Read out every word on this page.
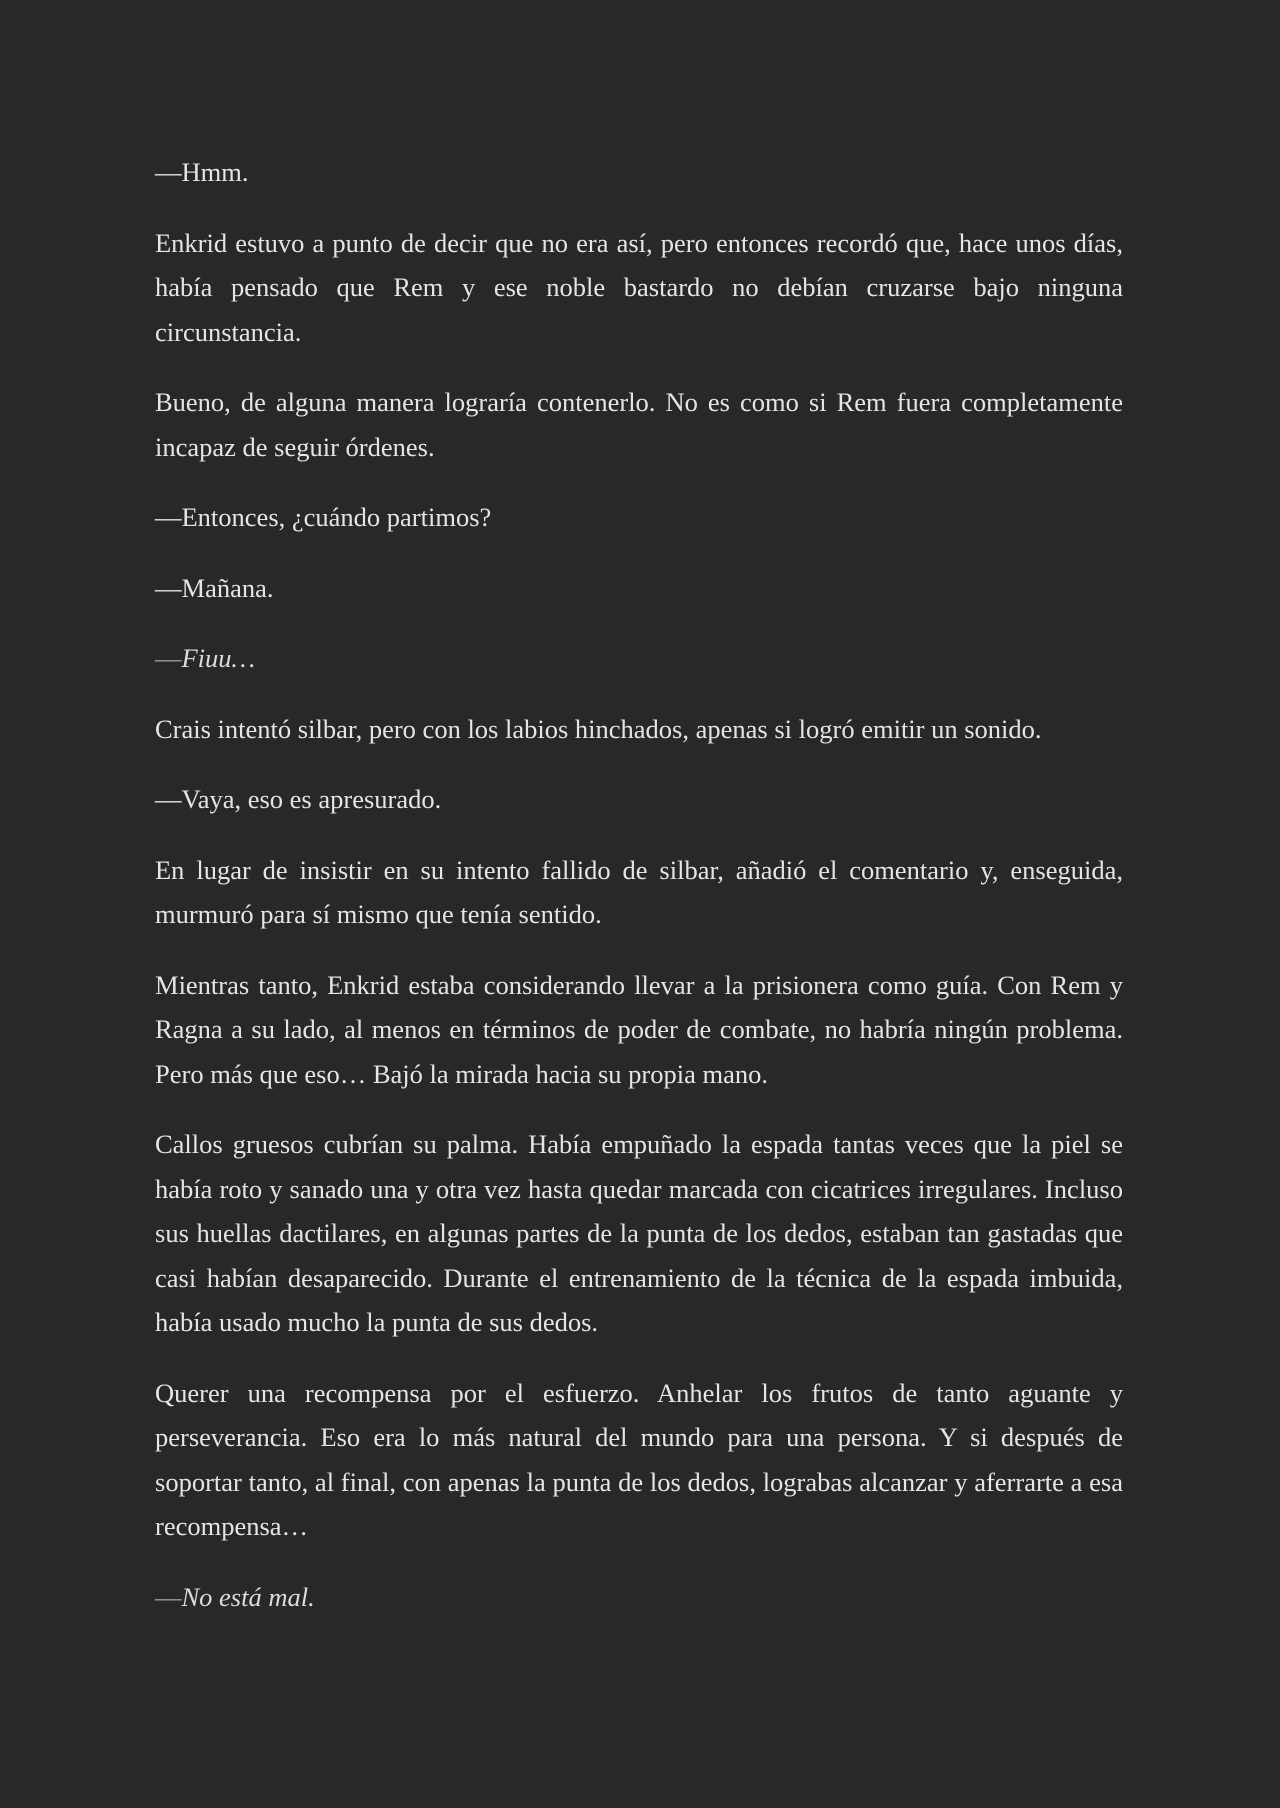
—Hmm.

Enkrid estuvo a punto de decir que no era así, pero entonces recordó que, hace unos días, había pensado que Rem y ese noble bastardo no debían cruzarse bajo ninguna circunstancia.

Bueno, de alguna manera lograría contenerlo. No es como si Rem fuera completamente incapaz de seguir órdenes.

—Entonces, ¿cuándo partimos?

—Mañana.

—Fiuu…

Crais intentó silbar, pero con los labios hinchados, apenas si logró emitir un sonido.

—Vaya, eso es apresurado.

En lugar de insistir en su intento fallido de silbar, añadió el comentario y, enseguida, murmuró para sí mismo que tenía sentido.

Mientras tanto, Enkrid estaba considerando llevar a la prisionera como guía. Con Rem y Ragna a su lado, al menos en términos de poder de combate, no habría ningún problema. Pero más que eso… Bajó la mirada hacia su propia mano.

Callos gruesos cubrían su palma. Había empuñado la espada tantas veces que la piel se había roto y sanado una y otra vez hasta quedar marcada con cicatrices irregulares. Incluso sus huellas dactilares, en algunas partes de la punta de los dedos, estaban tan gastadas que casi habían desaparecido. Durante el entrenamiento de la técnica de la espada imbuida, había usado mucho la punta de sus dedos.

Querer una recompensa por el esfuerzo. Anhelar los frutos de tanto aguante y perseverancia. Eso era lo más natural del mundo para una persona. Y si después de soportar tanto, al final, con apenas la punta de los dedos, lograbas alcanzar y aferrarte a esa recompensa…

—No está mal.
